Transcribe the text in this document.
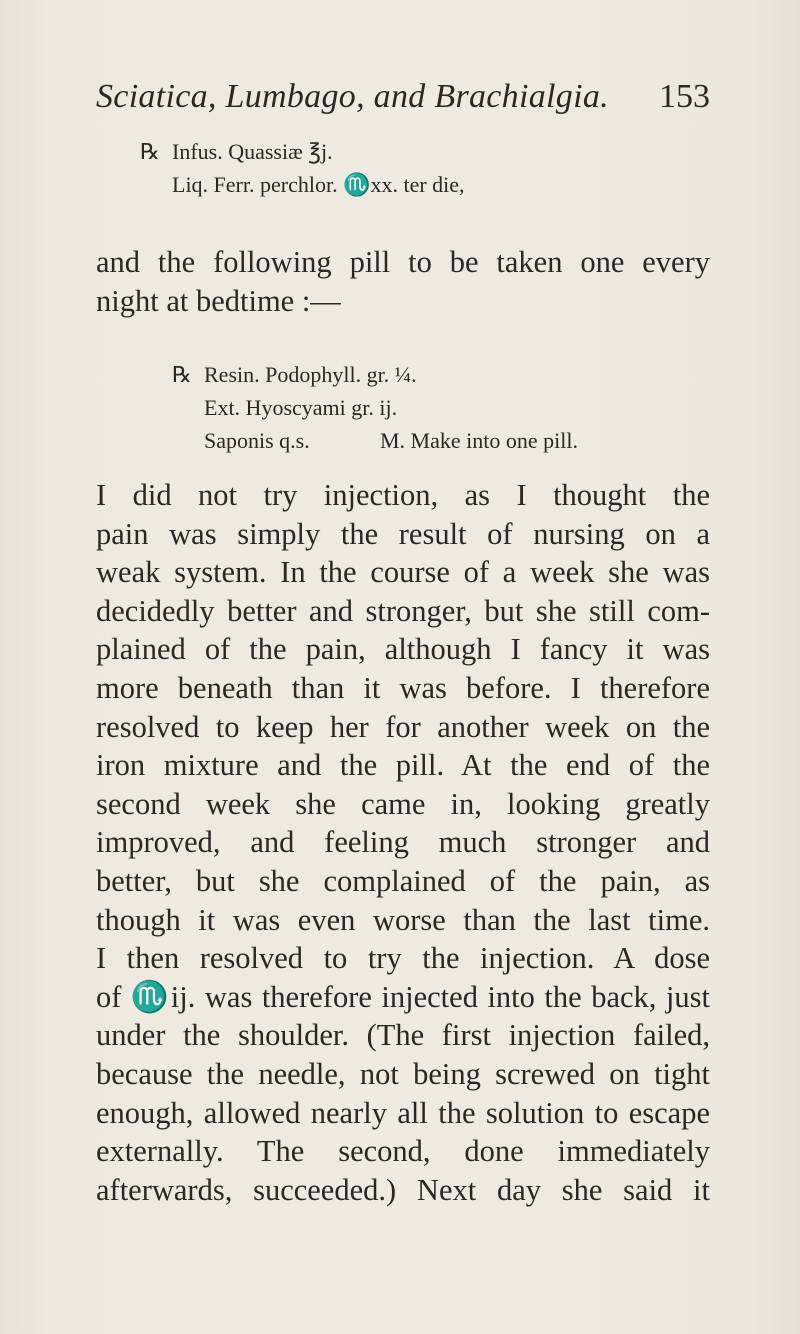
Sciatica, Lumbago, and Brachialgia. 153
℞ Infus. Quassiæ ℥j.
Liq. Ferr. perchlor. ♏xx. ter die,
and the following pill to be taken one every
night at bedtime :—
℞ Resin. Podophyll. gr. ¼.
Ext. Hyoscyami gr. ij.
Saponis q.s.	M. Make into one pill.
I did not try injection, as I thought the
pain was simply the result of nursing on a
weak system. In the course of a week she was
decidedly better and stronger, but she still com-
plained of the pain, although I fancy it was
more beneath than it was before. I therefore
resolved to keep her for another week on the
iron mixture and the pill. At the end of the
second week she came in, looking greatly
improved, and feeling much stronger and
better, but she complained of the pain, as
though it was even worse than the last time.
I then resolved to try the injection. A dose
of ♏ij. was therefore injected into the back, just
under the shoulder. (The first injection failed,
because the needle, not being screwed on tight
enough, allowed nearly all the solution to escape
externally. The second, done immediately
afterwards, succeeded.) Next day she said it
